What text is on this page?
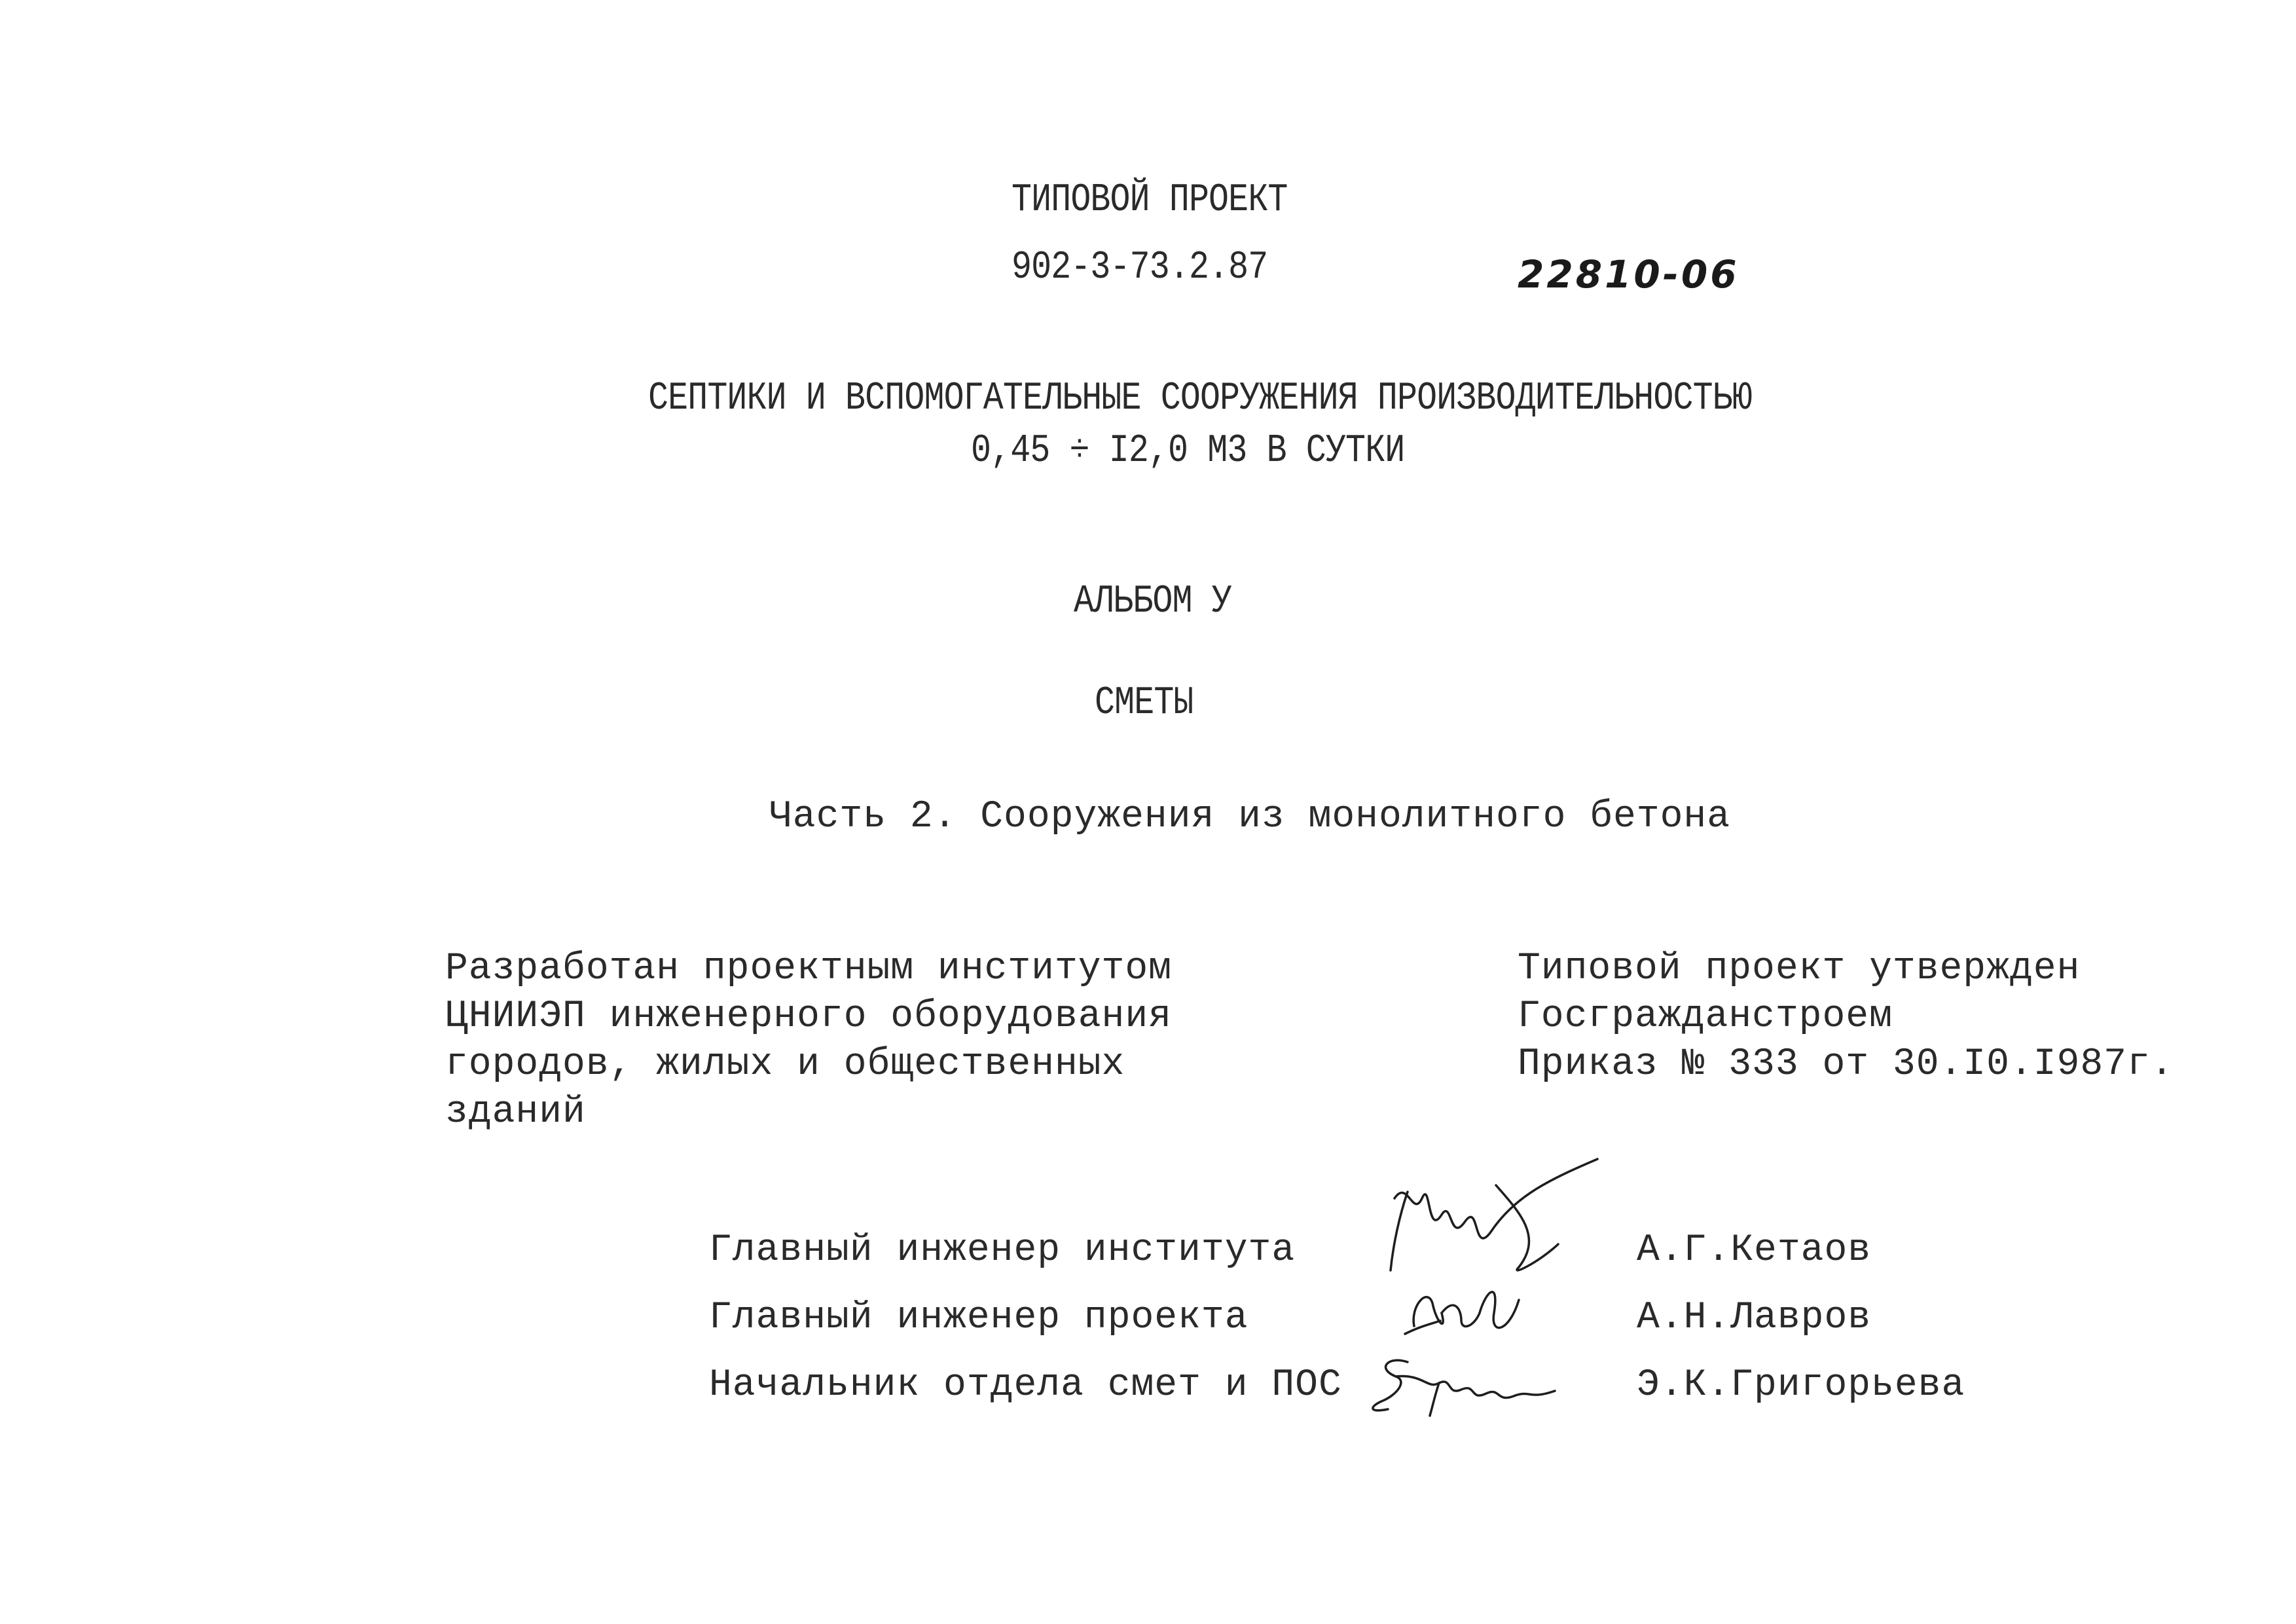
ТИПОВОЙ ПРОЕКТ
902-3-73.2.87	22810-06
СЕПТИКИ И ВСПОМОГАТЕЛЬНЫЕ СООРУЖЕНИЯ ПРОИЗВОДИТЕЛЬНОСТЬЮ
0,45 ÷ I2,0 М3 В СУТКИ
АЛЬБОМ У
СМЕТЫ
Часть 2. Сооружения из монолитного бетона
Разработан проектным институтом
ЦНИИЭП инженерного оборудования
городов, жилых и общественных
зданий
Типовой проект утвержден
Госгражданстроем
Приказ № 333 от 30.I0.I987г.
Главный инженер института	А.Г.Кетаов
Главный инженер проекта	А.Н.Лавров
Начальник отдела смет и ПОС	Э.К.Григорьева
